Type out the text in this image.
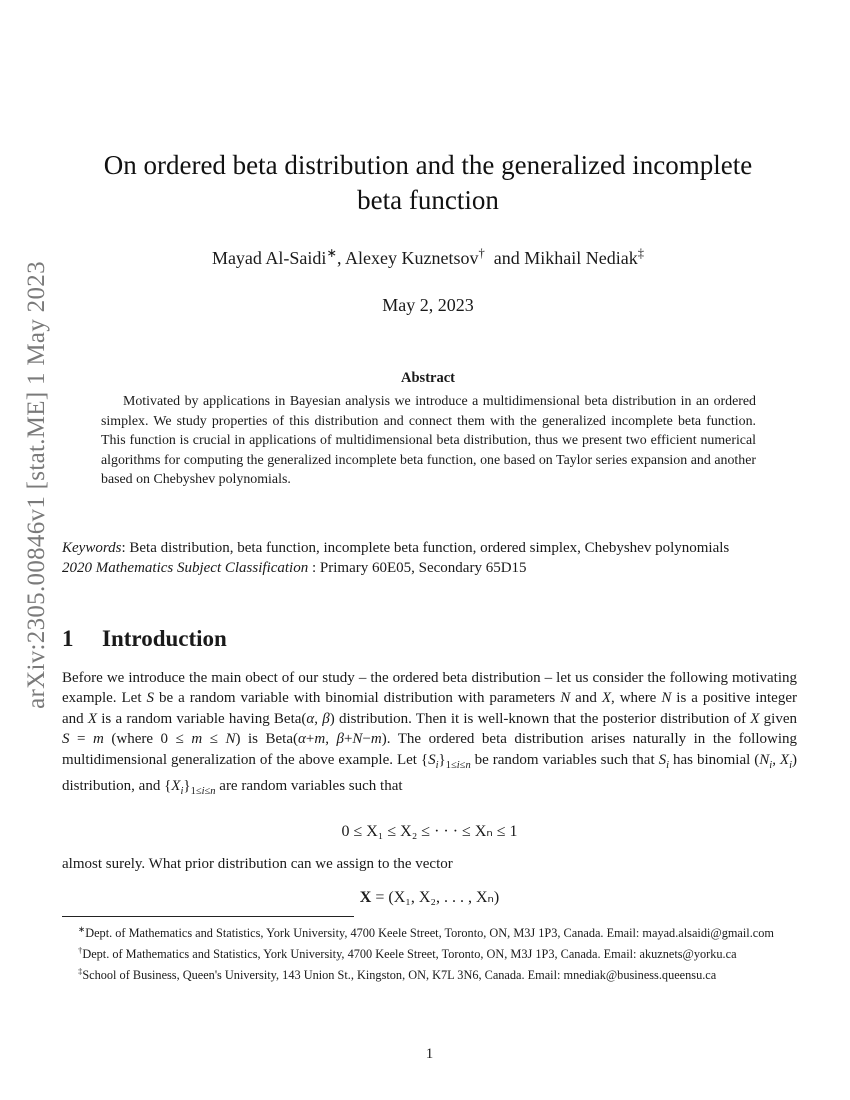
arXiv:2305.00846v1 [stat.ME] 1 May 2023
On ordered beta distribution and the generalized incomplete
beta function
Mayad Al-Saidi∗, Alexey Kuznetsov†  and Mikhail Nediak‡
May 2, 2023
Abstract
Motivated by applications in Bayesian analysis we introduce a multidimensional beta distribution in an ordered simplex. We study properties of this distribution and connect them with the generalized incomplete beta function. This function is crucial in applications of multidimensional beta distribution, thus we present two efficient numerical algorithms for computing the generalized incomplete beta function, one based on Taylor series expansion and another based on Chebyshev polynomials.

Keywords: Beta distribution, beta function, incomplete beta function, ordered simplex, Chebyshev polynomials

2020 Mathematics Subject Classification : Primary 60E05, Secondary 65D15

1 Introduction
Before we introduce the main obect of our study – the ordered beta distribution – let us consider the following motivating example. Let S be a random variable with binomial distribution with parameters N and X, where N is a positive integer and X is a random variable having Beta(α, β) distribution. Then it is well-known that the posterior distribution of X given S = m (where 0 ≤ m ≤ N) is Beta(α+m, β+N−m). The ordered beta distribution arises naturally in the following multidimensional generalization of the above example. Let $\{S_i\}_{1\le i\le n}$ be random variables such that $S_i$ has binomial ($N_i$, $X_i$) distribution, and $\{X_i\}_{1\le i\le n}$ are random variables such that
0 ≤ X₁ ≤ X₂ ≤ · · · ≤ Xₙ ≤ 1
almost surely. What prior distribution can we assign to the vector
X = (X₁, X₂, . . . , Xₙ)

∗Dept. of Mathematics and Statistics, York University, 4700 Keele Street, Toronto, ON, M3J 1P3, Canada. Email: mayad.alsaidi@gmail.com

†Dept. of Mathematics and Statistics, York University, 4700 Keele Street, Toronto, ON, M3J 1P3, Canada. Email: akuznets@yorku.ca

‡School of Business, Queen's University, 143 Union St., Kingston, ON, K7L 3N6, Canada. Email: mnediak@business.queensu.ca

1
